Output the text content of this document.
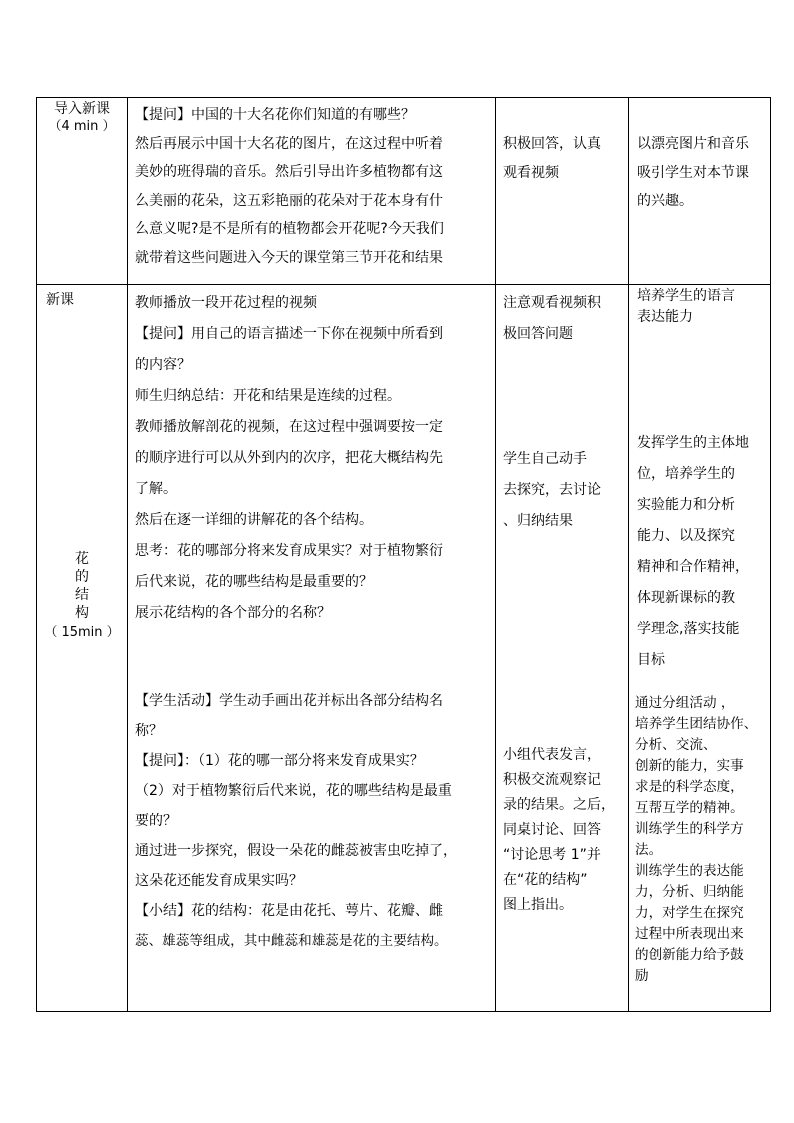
导入新课
（4 min ）
【提问】中国的十大名花你们知道的有哪些？
然后再展示中国十大名花的图片，在这过程中听着
美妙的班得瑞的音乐。然后引导出许多植物都有这
么美丽的花朵，这五彩艳丽的花朵对于花本身有什
么意义呢?是不是所有的植物都会开花呢?今天我们
就带着这些问题进入今天的课堂第三节开花和结果
积极回答，认真
观看视频
以漂亮图片和音乐
吸引学生对本节课
的兴趣。
新课
花
的
结
构
（ 15min ）
教师播放一段开花过程的视频
【提问】用自己的语言描述一下你在视频中所看到
的内容？
师生归纳总结：开花和结果是连续的过程。
教师播放解剖花的视频，在这过程中强调要按一定
的顺序进行可以从外到内的次序，把花大概结构先
了解。
然后在逐一详细的讲解花的各个结构。
思考：花的哪部分将来发育成果实？对于植物繁衍
后代来说，花的哪些结构是最重要的？
展示花结构的各个部分的名称？
【学生活动】学生动手画出花并标出各部分结构名
称？
【提问】：（1）花的哪一部分将来发育成果实？
（2）对于植物繁衍后代来说，花的哪些结构是最重
要的？
通过进一步探究，假设一朵花的雌蕊被害虫吃掉了，
这朵花还能发育成果实吗？
【小结】花的结构：花是由花托、萼片、花瓣、雌
蕊、雄蕊等组成，其中雌蕊和雄蕊是花的主要结构。
注意观看视频积
极回答问题
学生自己动手
去探究，去讨论
、归纳结果
小组代表发言，
积极交流观察记
录的结果。之后，
同桌讨论、回答
“讨论思考 1”并
在“花的结构”
图上指出。
培养学生的语言
表达能力
发挥学生的主体地
位，培养学生的
实验能力和分析
能力、以及探究
精神和合作精神，
体现新课标的教
学理念,落实技能
目标
通过分组活动 ，
培养学生团结协作、
分析、交流、
创新的能力，实事
求是的科学态度，
互帮互学的精神。
训练学生的科学方
法。
训练学生的表达能
力，分析、归纳能
力，对学生在探究
过程中所表现出来
的创新能力给予鼓
励
